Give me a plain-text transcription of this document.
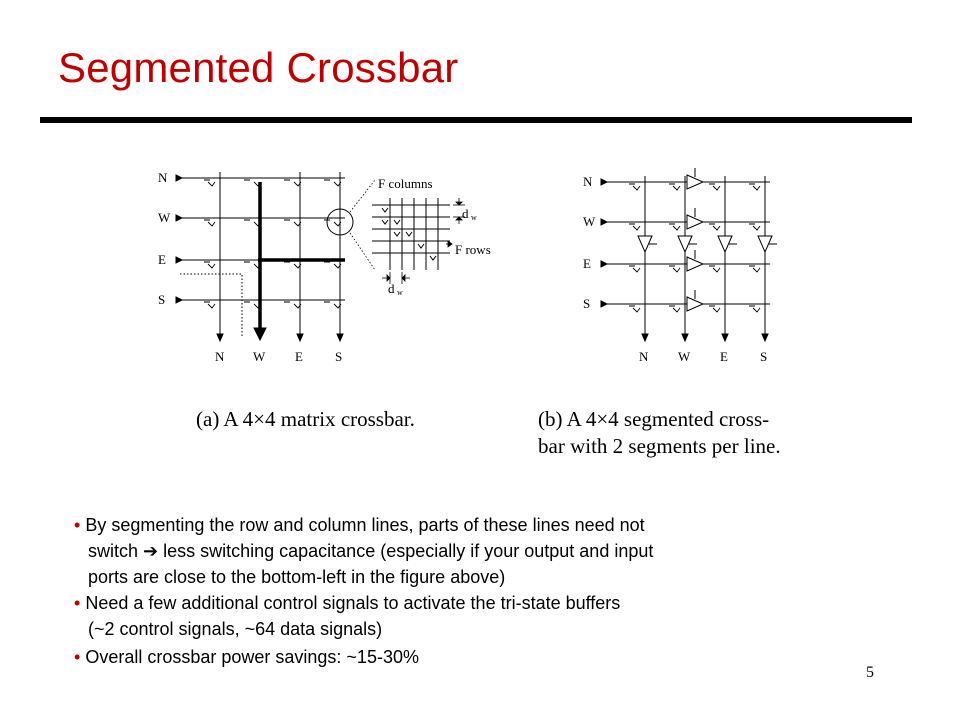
Segmented Crossbar
N
W
E
S
N W E S
F columns
F rows
d w
d w
N
W
E
S
N W E S
(a) A 4×4 matrix crossbar.	(b) A 4×4 segmented cross-
bar with 2 segments per line.
• By segmenting the row and column lines, parts of these lines need not
switch ➔ less switching capacitance (especially if your output and input
ports are close to the bottom-left in the figure above)
• Need a few additional control signals to activate the tri-state buffers
(~2 control signals, ~64 data signals)
• Overall crossbar power savings: ~15-30%
5
